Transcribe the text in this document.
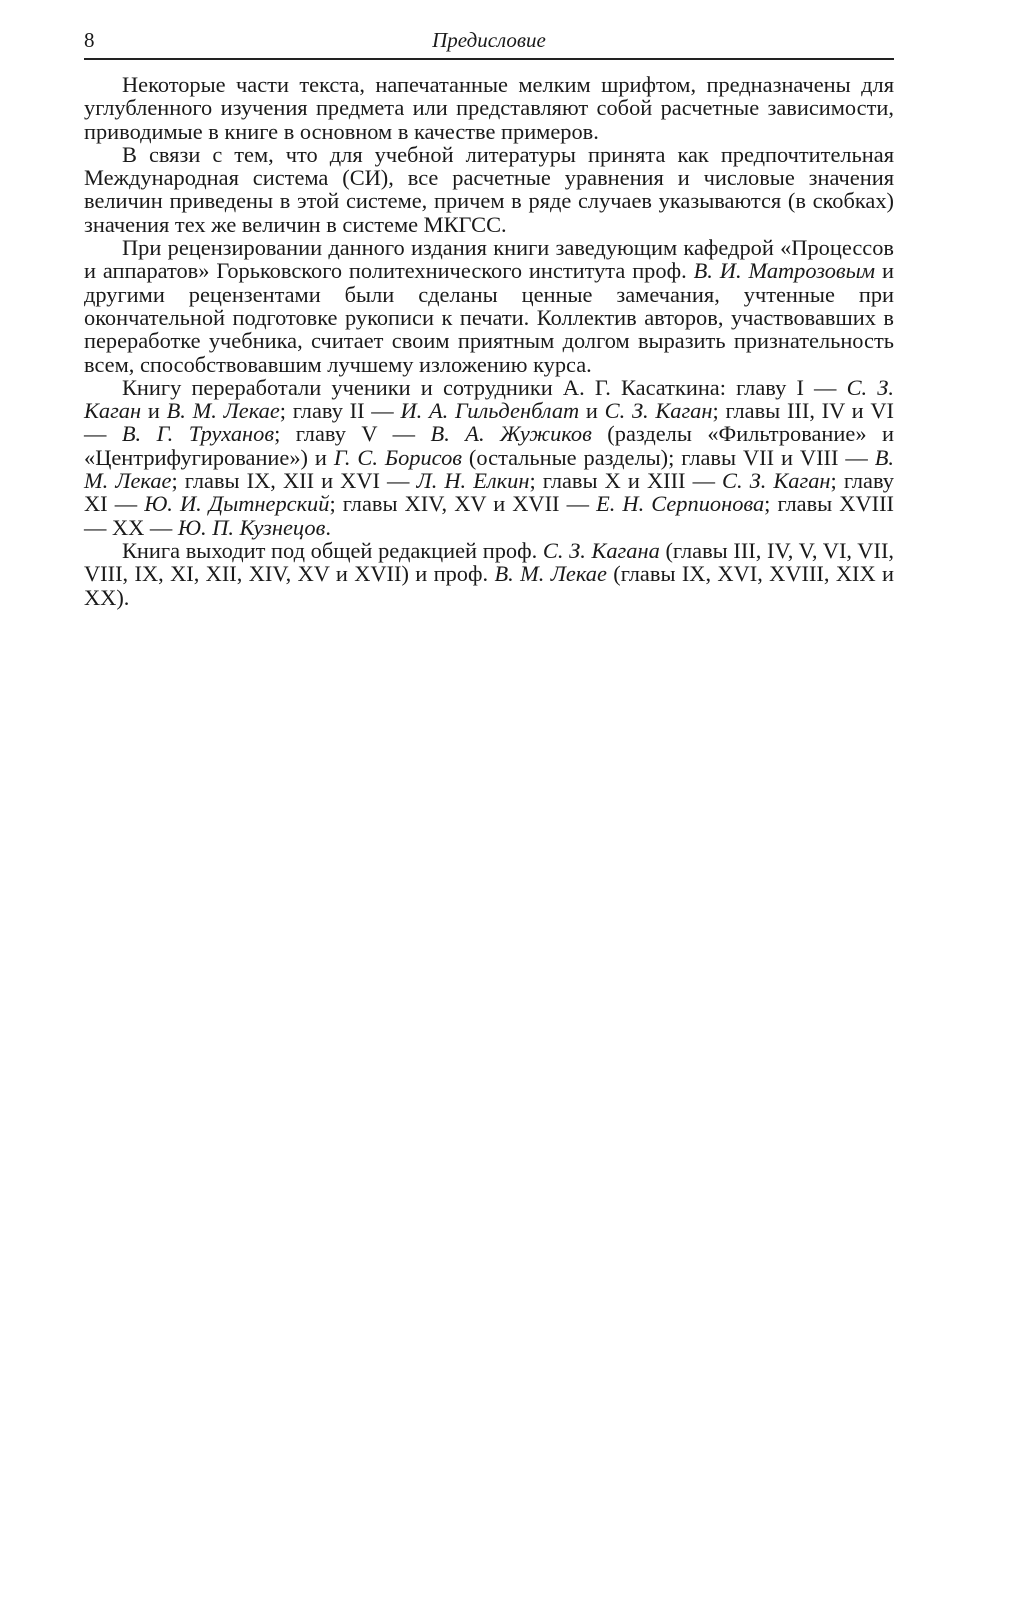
8	Предисловие

Некоторые части текста, напечатанные мелким шрифтом, предназначены для углубленного изучения предмета или представляют собой расчетные зависимости, приводимые в книге в основном в качестве примеров.

В связи с тем, что для учебной литературы принята как предпочтительная Международная система (СИ), все расчетные уравнения и числовые значения величин приведены в этой системе, причем в ряде случаев указываются (в скобках) значения тех же величин в системе МКГСС.

При рецензировании данного издания книги заведующим кафедрой «Процессов и аппаратов» Горьковского политехнического института проф. В. И. Матрозовым и другими рецензентами были сделаны ценные замечания, учтенные при окончательной подготовке рукописи к печати. Коллектив авторов, участвовавших в переработке учебника, считает своим приятным долгом выразить признательность всем, способствовавшим лучшему изложению курса.

Книгу переработали ученики и сотрудники А. Г. Касаткина: главу I — С. З. Каган и В. М. Лекае; главу II — И. А. Гильденблат и С. З. Каган; главы III, IV и VI — В. Г. Труханов; главу V — В. А. Жужиков (разделы «Фильтрование» и «Центрифугирование») и Г. С. Борисов (остальные разделы); главы VII и VIII — В. М. Лекае; главы IX, XII и XVI — Л. Н. Елкин; главы X и XIII — С. З. Каган; главу XI — Ю. И. Дытнерский; главы XIV, XV и XVII — Е. Н. Серпионова; главы XVIII — XX — Ю. П. Кузнецов.

Книга выходит под общей редакцией проф. С. З. Кагана (главы III, IV, V, VI, VII, VIII, IX, XI, XII, XIV, XV и XVII) и проф. В. М. Лекае (главы IX, XVI, XVIII, XIX и XX).
